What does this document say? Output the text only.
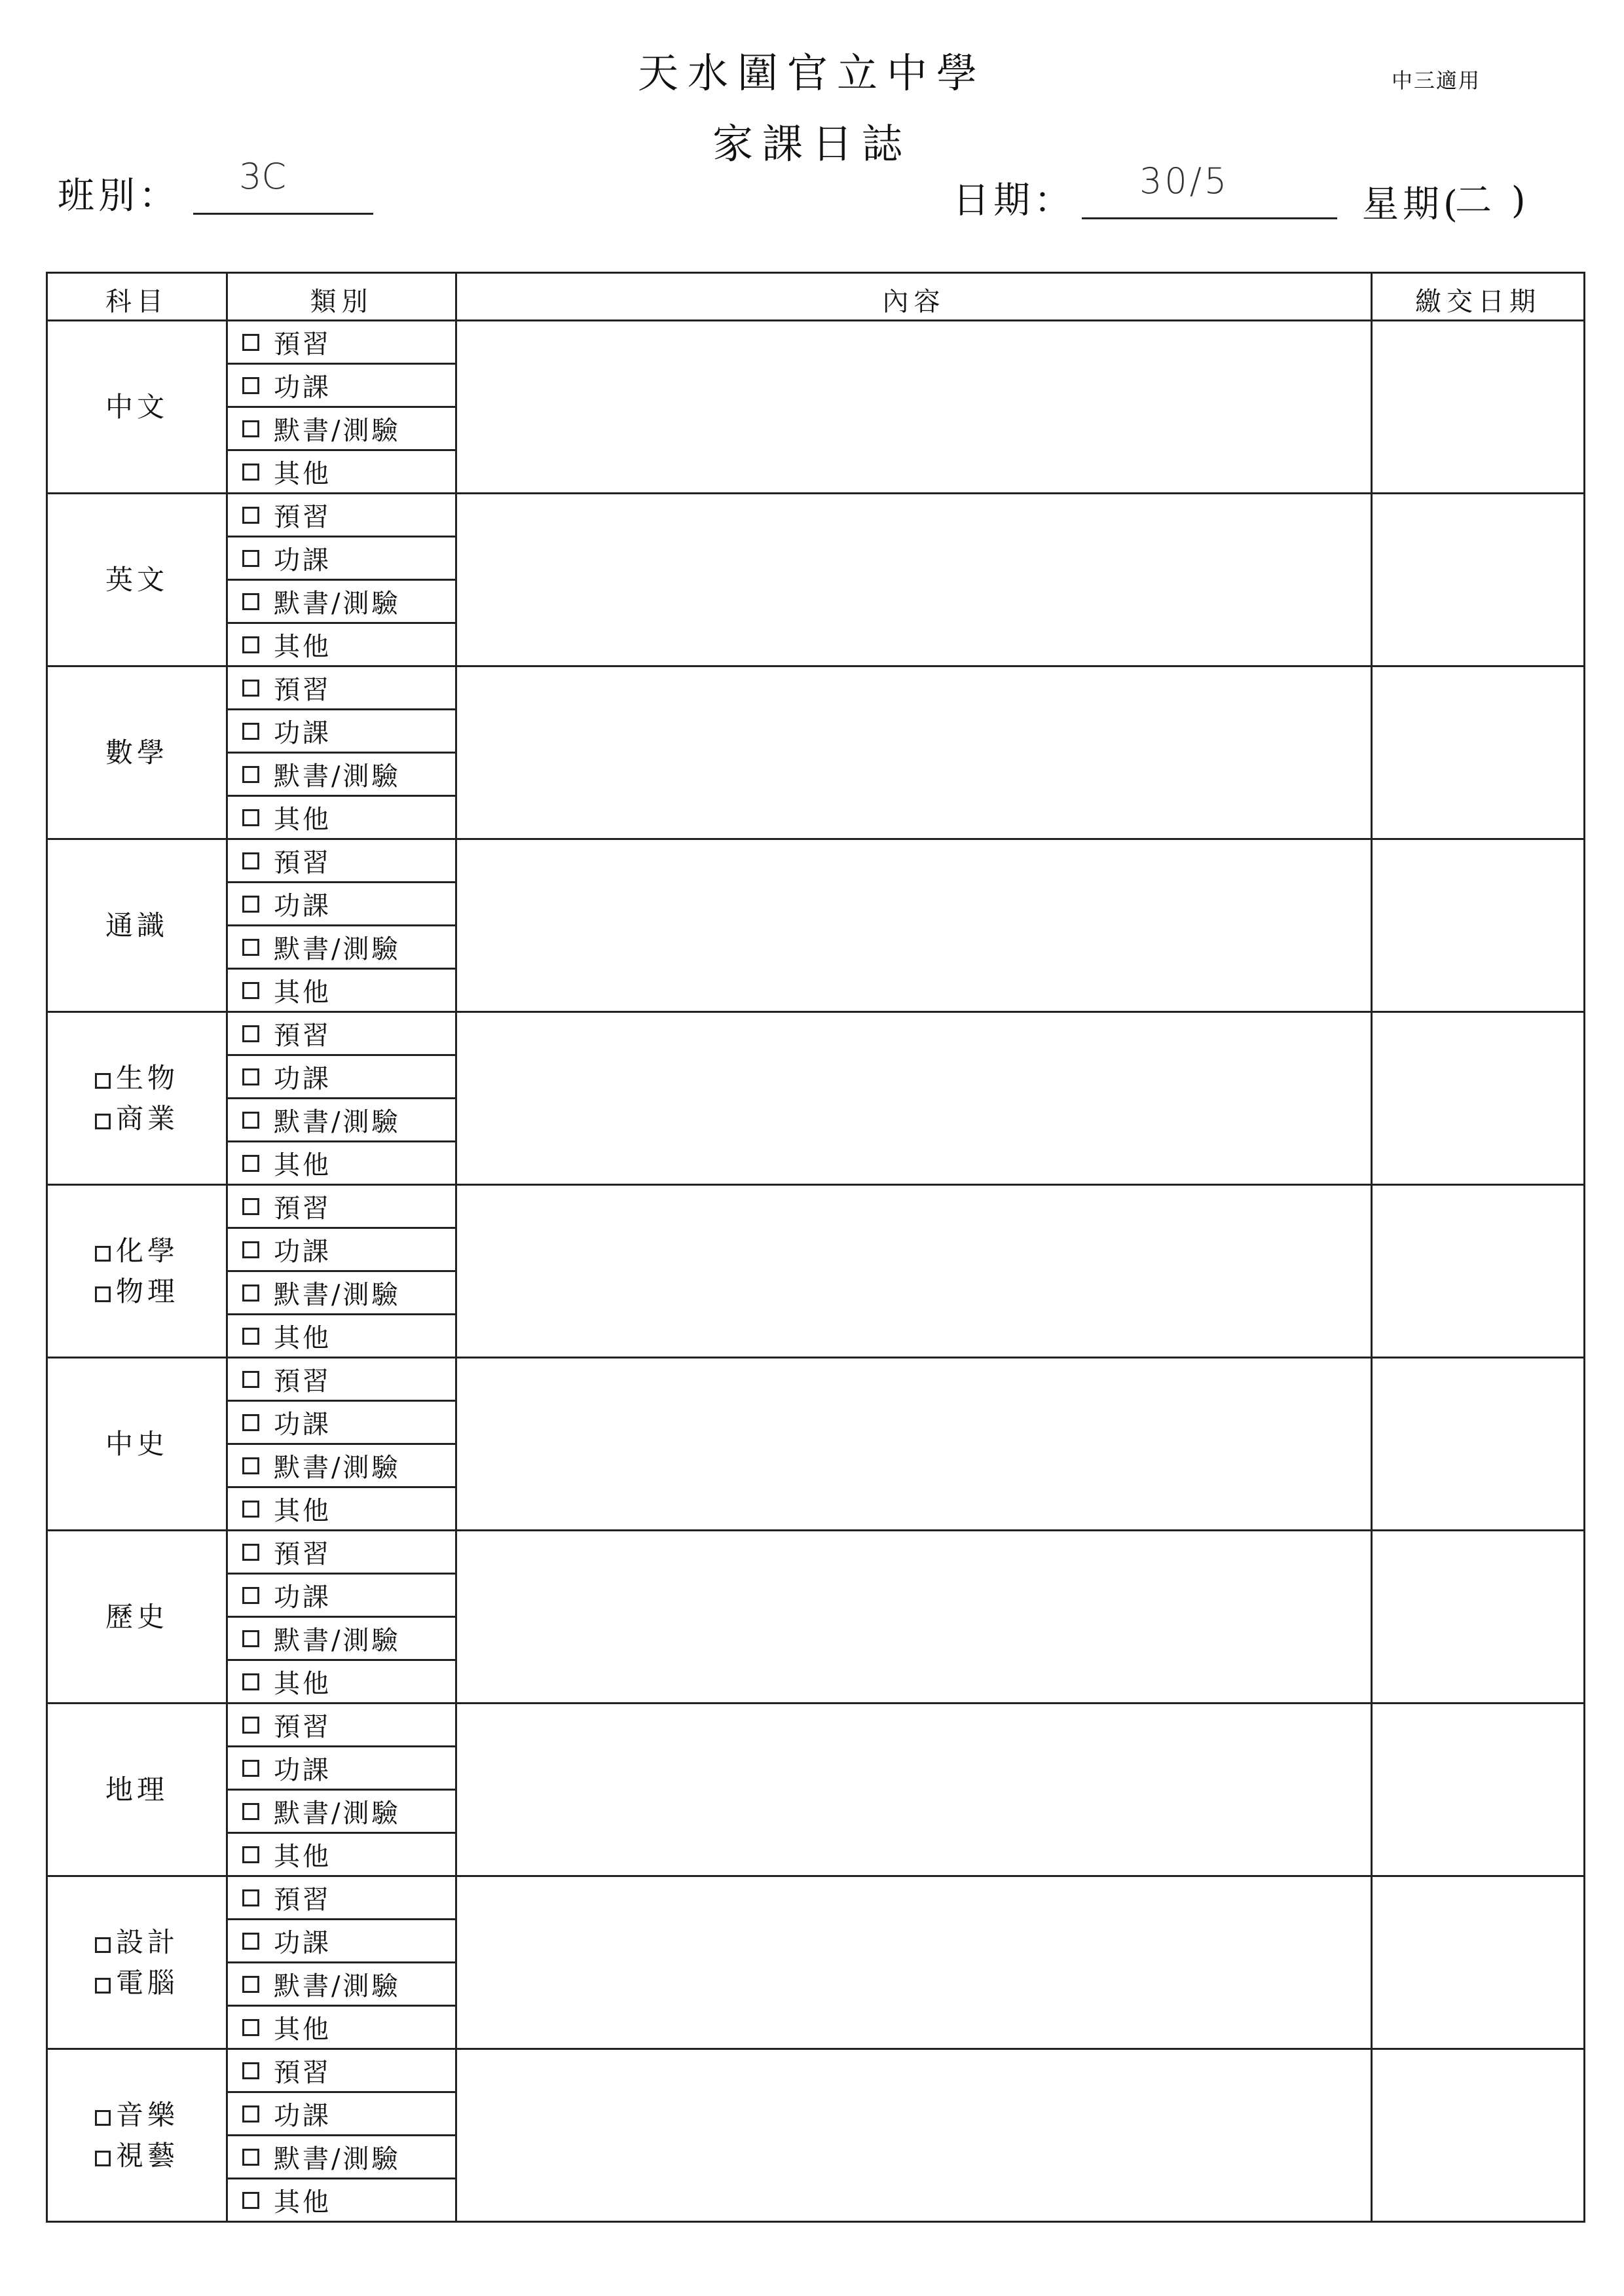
天水圍官立中學	中三適用
家課日誌
班別： 3C
日期： 30/5
星期(
二 )
科目	類別	內容	繳交日期

中文	預習		

	功課		

	默書/測驗		

	其他		

英文	預習		

	功課		

	默書/測驗		

	其他		

數學	預習		

	功課		

	默書/測驗		

	其他		

通識	預習		

	功課		

	默書/測驗		

	其他		

生物
商業	預習		

	功課		

	默書/測驗		

	其他		

化學
物理	預習		

	功課		

	默書/測驗		

	其他		

中史	預習		

	功課		

	默書/測驗		

	其他		

歷史	預習		

	功課		

	默書/測驗		

	其他		

地理	預習		

	功課		

	默書/測驗		

	其他		

設計
電腦	預習		

	功課		

	默書/測驗		

	其他		

音樂
視藝	預習		

	功課		

	默書/測驗		

	其他		
